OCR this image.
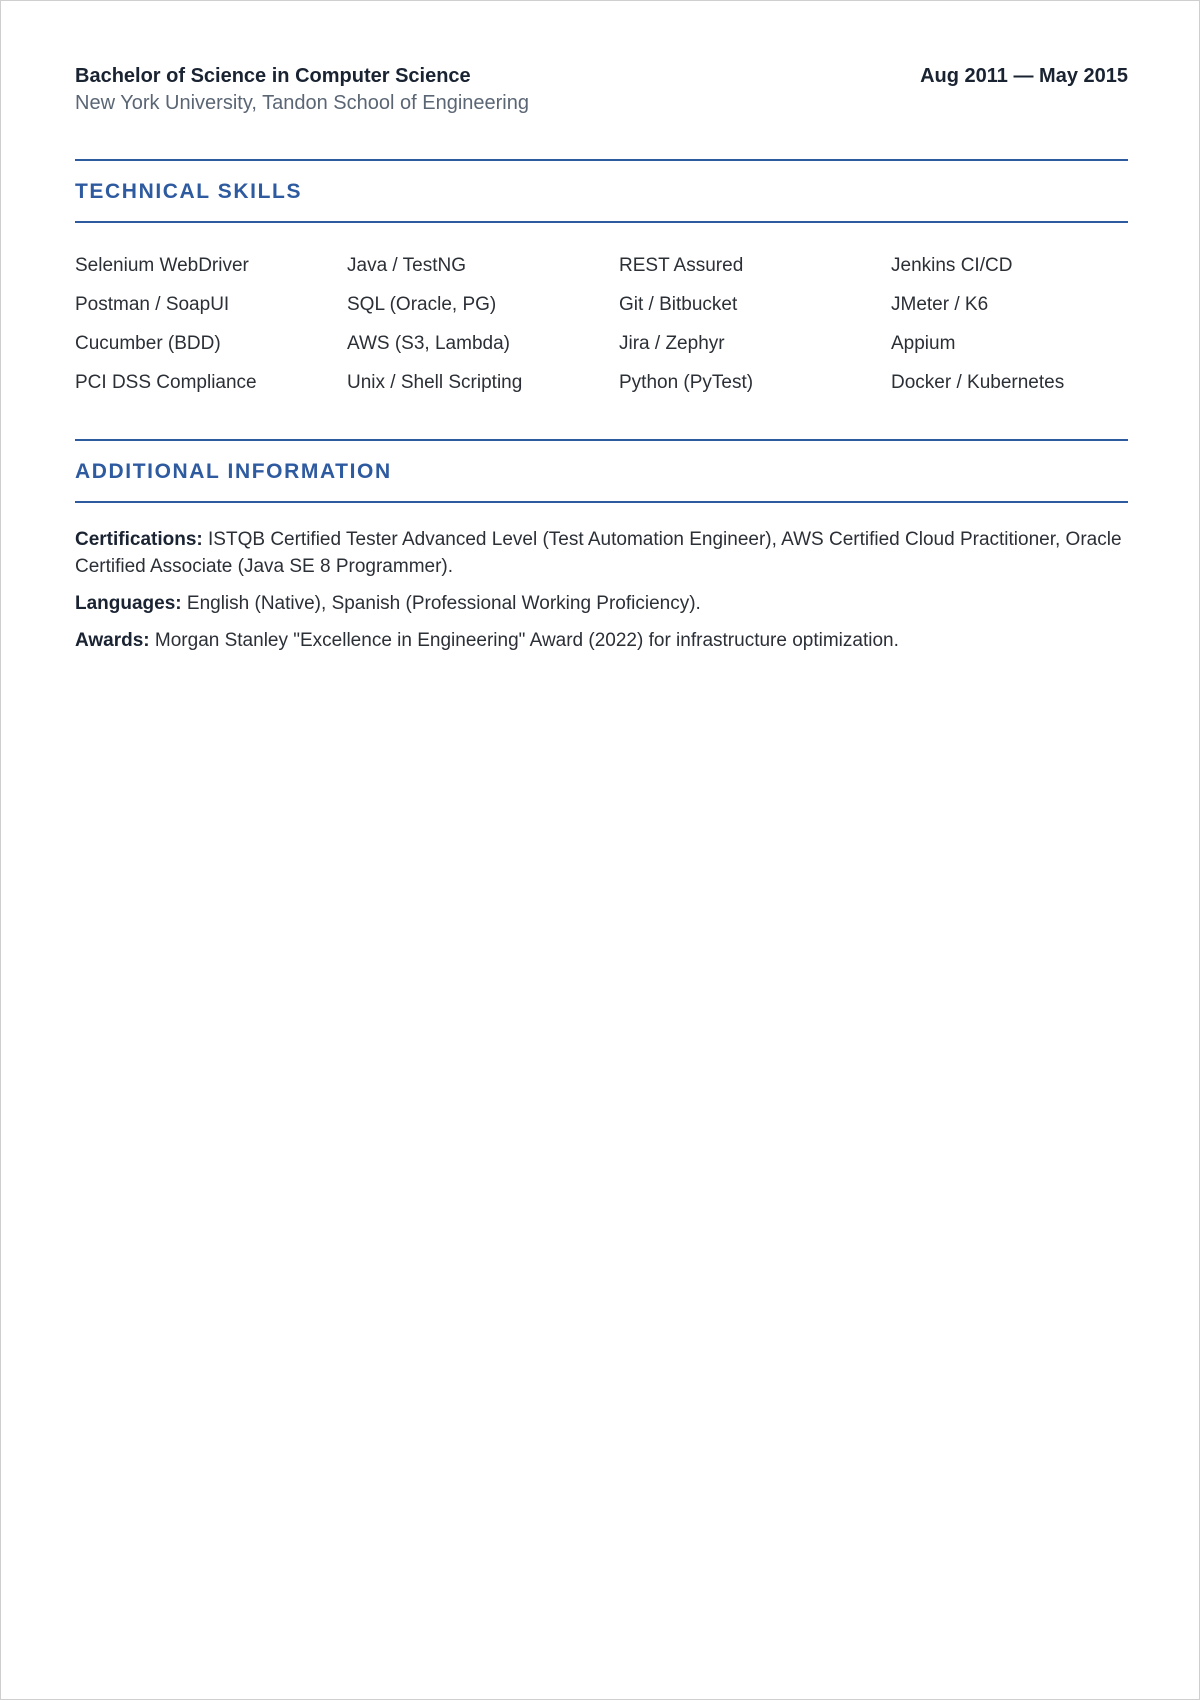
Bachelor of Science in Computer Science	Aug 2011 — May 2015
New York University, Tandon School of Engineering
TECHNICAL SKILLS
Selenium WebDriver	Java / TestNG	REST Assured	Jenkins CI/CD
Postman / SoapUI	SQL (Oracle, PG)	Git / Bitbucket	JMeter / K6
Cucumber (BDD)	AWS (S3, Lambda)	Jira / Zephyr	Appium
PCI DSS Compliance	Unix / Shell Scripting	Python (PyTest)	Docker / Kubernetes
ADDITIONAL INFORMATION
Certifications: ISTQB Certified Tester Advanced Level (Test Automation Engineer), AWS Certified Cloud Practitioner, Oracle Certified Associate (Java SE 8 Programmer).
Languages: English (Native), Spanish (Professional Working Proficiency).
Awards: Morgan Stanley "Excellence in Engineering" Award (2022) for infrastructure optimization.
